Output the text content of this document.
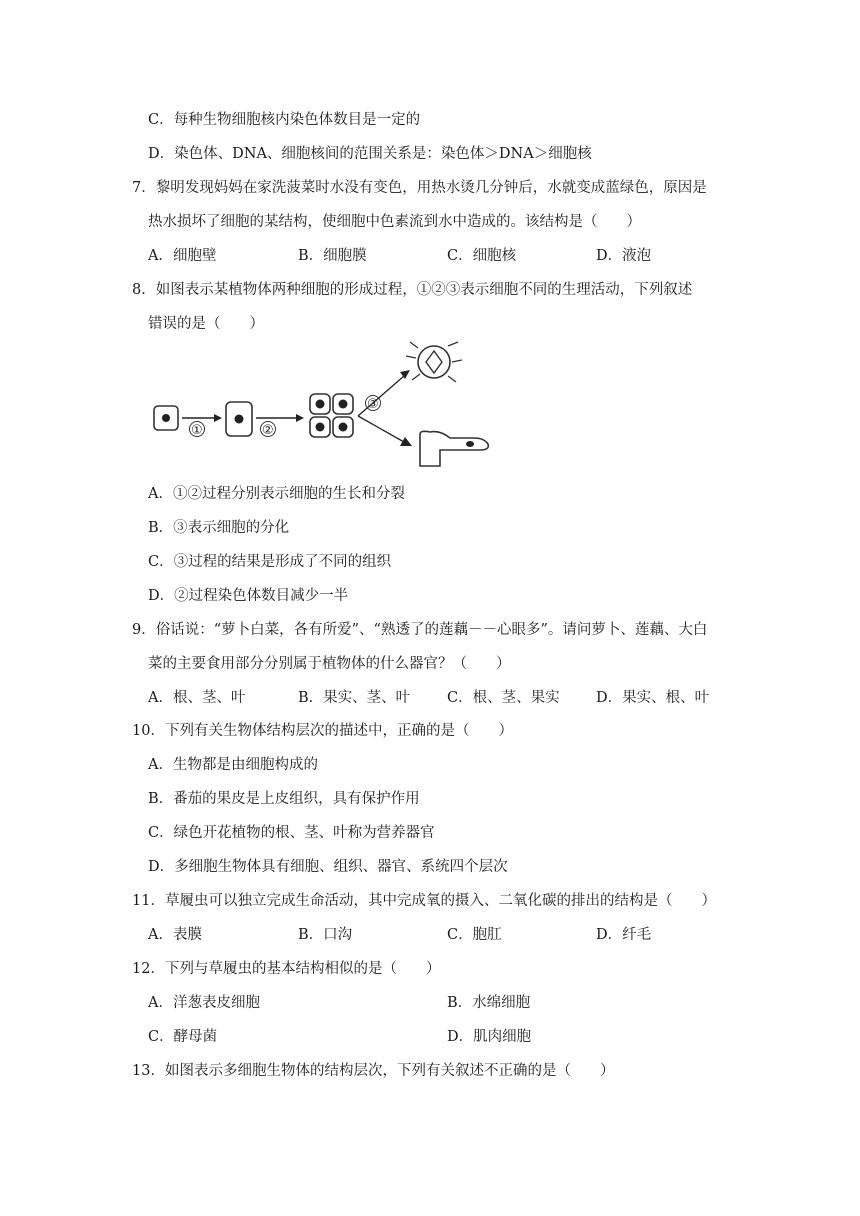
C．每种生物细胞核内染色体数目是一定的
D．染色体、DNA、细胞核间的范围关系是：染色体＞DNA＞细胞核
7．黎明发现妈妈在家洗菠菜时水没有变色，用热水烫几分钟后，水就变成蓝绿色，原因是
热水损坏了细胞的某结构，使细胞中色素流到水中造成的。该结构是（　　）
A．细胞壁	B．细胞膜	C．细胞核	D．液泡
8．如图表示某植物体两种细胞的形成过程，①②③表示细胞不同的生理活动，下列叙述
错误的是（　　）
①	②
③
A．①②过程分别表示细胞的生长和分裂
B．③表示细胞的分化
C．③过程的结果是形成了不同的组织
D．②过程染色体数目减少一半
9．俗话说：“萝卜白菜，各有所爱”、“熟透了的莲藕－－心眼多”。请问萝卜、莲藕、大白
菜的主要食用部分分别属于植物体的什么器官？（　　）
A．根、茎、叶	B．果实、茎、叶	C．根、茎、果实	D．果实、根、叶
10．下列有关生物体结构层次的描述中，正确的是（　　）
A．生物都是由细胞构成的
B．番茄的果皮是上皮组织，具有保护作用
C．绿色开花植物的根、茎、叶称为营养器官
D．多细胞生物体具有细胞、组织、器官、系统四个层次
11．草履虫可以独立完成生命活动，其中完成氧的摄入、二氧化碳的排出的结构是（　　）
A．表膜	B．口沟	C．胞肛	D．纤毛
12．下列与草履虫的基本结构相似的是（　　）
A．洋葱表皮细胞	B．水绵细胞
C．酵母菌	D．肌肉细胞
13．如图表示多细胞生物体的结构层次，下列有关叙述不正确的是（　　）
